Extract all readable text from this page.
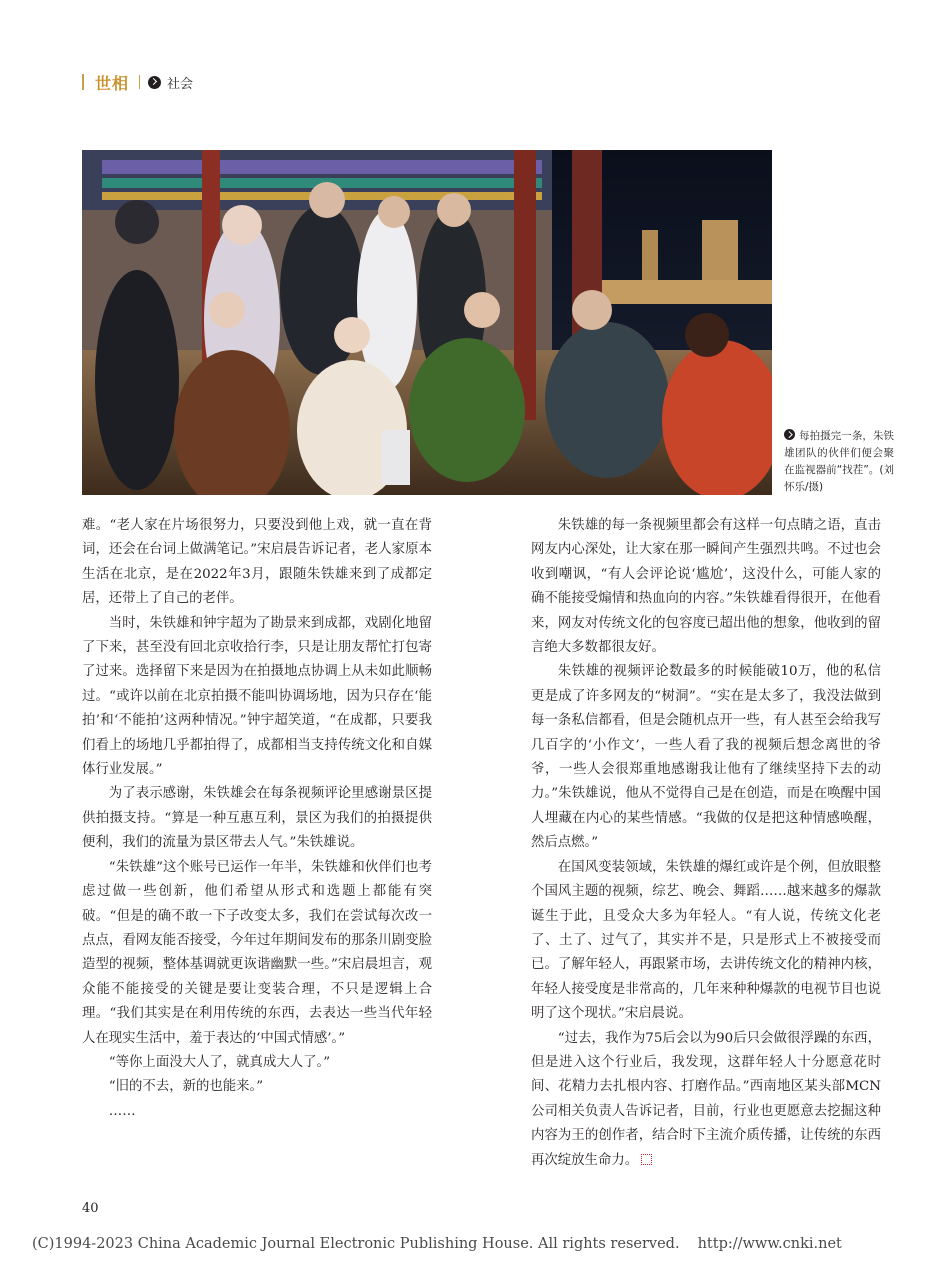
世相	社会
每拍摄完一条，朱铁雄团队的伙伴们便会聚在监视器前“找茬”。(刘怀乐/摄)

难。“老人家在片场很努力，只要没到他上戏，就一直在背词，还会在台词上做满笔记。”宋启晨告诉记者，老人家原本生活在北京，是在2022年3月，跟随朱铁雄来到了成都定居，还带上了自己的老伴。

当时，朱铁雄和钟宇超为了勘景来到成都，戏剧化地留了下来，甚至没有回北京收拾行李，只是让朋友帮忙打包寄了过来。选择留下来是因为在拍摄地点协调上从未如此顺畅过。“或许以前在北京拍摄不能叫协调场地，因为只存在‘能拍’和‘不能拍’这两种情况。”钟宇超笑道，“在成都，只要我们看上的场地几乎都拍得了，成都相当支持传统文化和自媒体行业发展。”

为了表示感谢，朱铁雄会在每条视频评论里感谢景区提供拍摄支持。“算是一种互惠互利，景区为我们的拍摄提供便利，我们的流量为景区带去人气。”朱铁雄说。

“朱铁雄”这个账号已运作一年半，朱铁雄和伙伴们也考虑过做一些创新，他们希望从形式和选题上都能有突破。“但是的确不敢一下子改变太多，我们在尝试每次改一点点，看网友能否接受，今年过年期间发布的那条川剧变脸造型的视频，整体基调就更诙谐幽默一些。”宋启晨坦言，观众能不能接受的关键是要让变装合理，不只是逻辑上合理。“我们其实是在利用传统的东西，去表达一些当代年轻人在现实生活中，羞于表达的‘中国式情感’。”

“等你上面没大人了，就真成大人了。”

“旧的不去，新的也能来。”

……

朱铁雄的每一条视频里都会有这样一句点睛之语，直击网友内心深处，让大家在那一瞬间产生强烈共鸣。不过也会收到嘲讽，“有人会评论说‘尴尬’，这没什么，可能人家的确不能接受煽情和热血向的内容。”朱铁雄看得很开，在他看来，网友对传统文化的包容度已超出他的想象，他收到的留言绝大多数都很友好。

朱铁雄的视频评论数最多的时候能破10万，他的私信更是成了许多网友的“树洞”。“实在是太多了，我没法做到每一条私信都看，但是会随机点开一些，有人甚至会给我写几百字的‘小作文’，一些人看了我的视频后想念离世的爷爷，一些人会很郑重地感谢我让他有了继续坚持下去的动力。”朱铁雄说，他从不觉得自己是在创造，而是在唤醒中国人埋藏在内心的某些情感。“我做的仅是把这种情感唤醒，然后点燃。”

在国风变装领域，朱铁雄的爆红或许是个例，但放眼整个国风主题的视频，综艺、晚会、舞蹈……越来越多的爆款诞生于此，且受众大多为年轻人。“有人说，传统文化老了、土了、过气了，其实并不是，只是形式上不被接受而已。了解年轻人，再跟紧市场，去讲传统文化的精神内核，年轻人接受度是非常高的，几年来种种爆款的电视节目也说明了这个现状。”宋启晨说。

“过去，我作为75后会以为90后只会做很浮躁的东西，但是进入这个行业后，我发现，这群年轻人十分愿意花时间、花精力去扎根内容、打磨作品。”西南地区某头部MCN公司相关负责人告诉记者，目前，行业也更愿意去挖掘这种内容为王的创作者，结合时下主流介质传播，让传统的东西再次绽放生命力。

40
(C)1994-2023 China Academic Journal Electronic Publishing House. All rights reserved. http://www.cnki.net
